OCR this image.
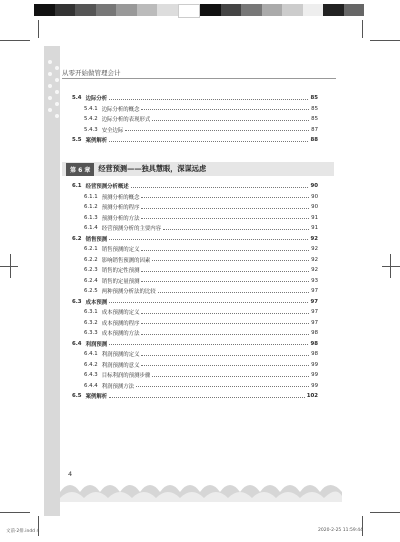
从零开始做管理会计
5.4 边际分析	85
5.4.1 边际分析的概念	85
5.4.2 边际分析的表现形式	85
5.4.3 安全边际	87
5.5 案例解析	88
第 6 章	经营预测——独具慧眼，深谋远虑
6.1 经营预测分析概述	90
6.1.1 预测分析的概念	90
6.1.2 预测分析的程序	90
6.1.3 预测分析的方法	91
6.1.4 经营预测分析的主要内容	91
6.2 销售预测	92
6.2.1 销售预测的定义	92
6.2.2 影响销售预测的因素	92
6.2.3 销售的定性预测	92
6.2.4 销售的定量预测	93
6.2.5 两种预测分析法的比较	97
6.3 成本预测	97
6.3.1 成本预测的定义	97
6.3.2 成本预测的程序	97
6.3.3 成本预测的方法	98
6.4 利润预测	98
6.4.1 利润预测的定义	98
6.4.2 利润预测的意义	99
6.4.3 目标利润的预测步骤	99
6.4.4 利润预测方法	99
6.5 案例解析	102
4
文前·2排.indd 4	2020-2-25 11:59:44
